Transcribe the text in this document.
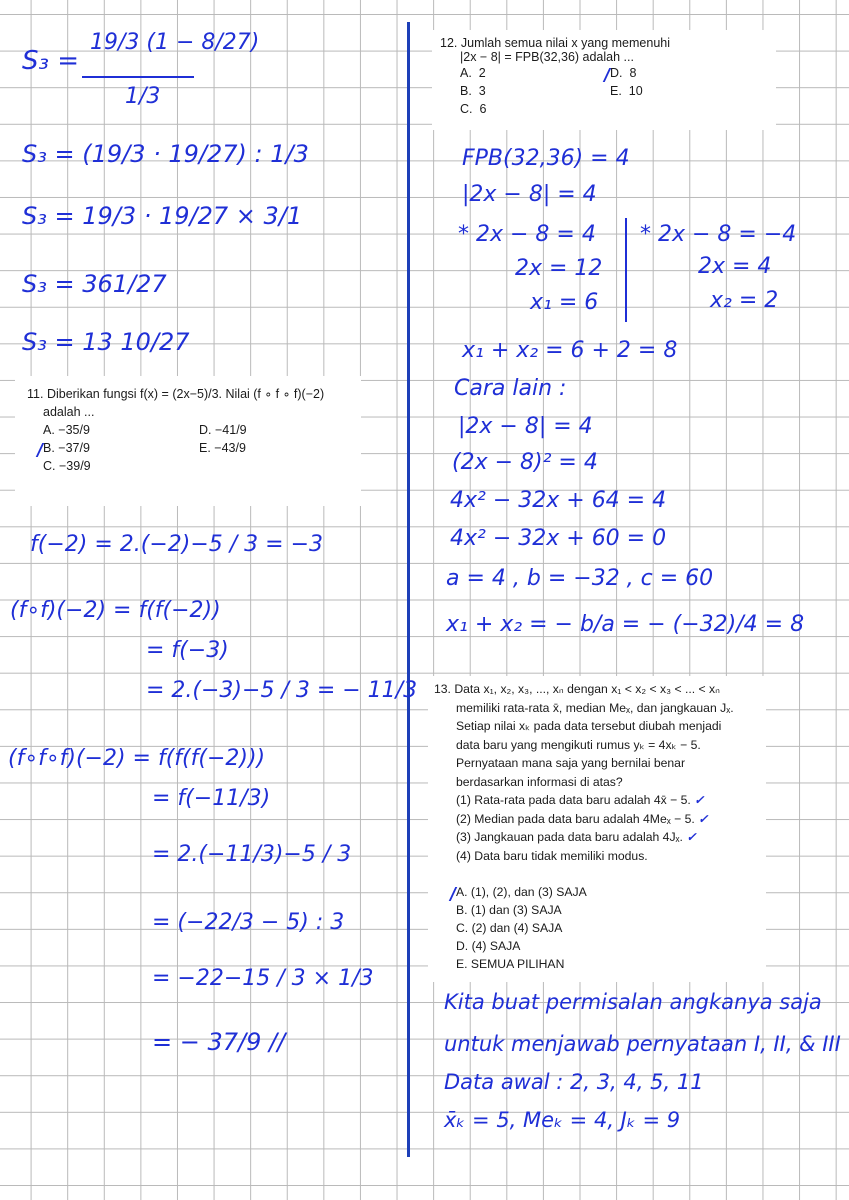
S₃ =
19/3 (1 − 8/27)
1/3
S₃ = (19/3 · 19/27) : 1/3
S₃ = 19/3 · 19/27 × 3/1
S₃ = 361/27
S₃ = 13 10/27
11. Diberikan fungsi f(x) = (2x−5)/3. Nilai (f ∘ f ∘ f)(−2)
adalah ...
A. −35/9
B. −37/9
C. −39/9
D. −41/9
E. −43/9
f(−2) = 2.(−2)−5 / 3 = −3
(f∘f)(−2) = f(f(−2))
= f(−3)
= 2.(−3)−5 / 3 = − 11/3
(f∘f∘f)(−2) = f(f(f(−2)))
= f(−11/3)
= 2.(−11/3)−5 / 3
= (−22/3 − 5) : 3
= −22−15 / 3 × 1/3
= − 37/9 //
12. Jumlah semua nilai x yang memenuhi
|2x − 8| = FPB(32,36) adalah ...
A. 2
B. 3
C. 6
D. 8
E. 10
FPB(32,36) = 4
|2x − 8| = 4
* 2x − 8 = 4
2x = 12
x₁ = 6
* 2x − 8 = −4
2x = 4
x₂ = 2
x₁ + x₂ = 6 + 2 = 8
Cara lain :
|2x − 8| = 4
(2x − 8)² = 4
4x² − 32x + 64 = 4
4x² − 32x + 60 = 0
a = 4 , b = −32 , c = 60
x₁ + x₂ = − b/a = − (−32)/4 = 8
13. Data x₁, x₂, x₃, ..., xₙ dengan x₁ < x₂ < x₃ < ... < xₙ
memiliki rata-rata x̄, median Meₓ, dan jangkauan Jₓ.
Setiap nilai xₖ pada data tersebut diubah menjadi
data baru yang mengikuti rumus yₖ = 4xₖ − 5.
Pernyataan mana saja yang bernilai benar
berdasarkan informasi di atas?
(1) Rata-rata pada data baru adalah 4x̄ − 5. ✓
(2) Median pada data baru adalah 4Meₓ − 5. ✓
(3) Jangkauan pada data baru adalah 4Jₓ. ✓
(4) Data baru tidak memiliki modus.
A. (1), (2), dan (3) SAJA
B. (1) dan (3) SAJA
C. (2) dan (4) SAJA
D. (4) SAJA
E. SEMUA PILIHAN
Kita buat permisalan angkanya saja
untuk menjawab pernyataan I, II, & III
Data awal : 2, 3, 4, 5, 11
x̄ₖ = 5, Meₖ = 4, Jₖ = 9
